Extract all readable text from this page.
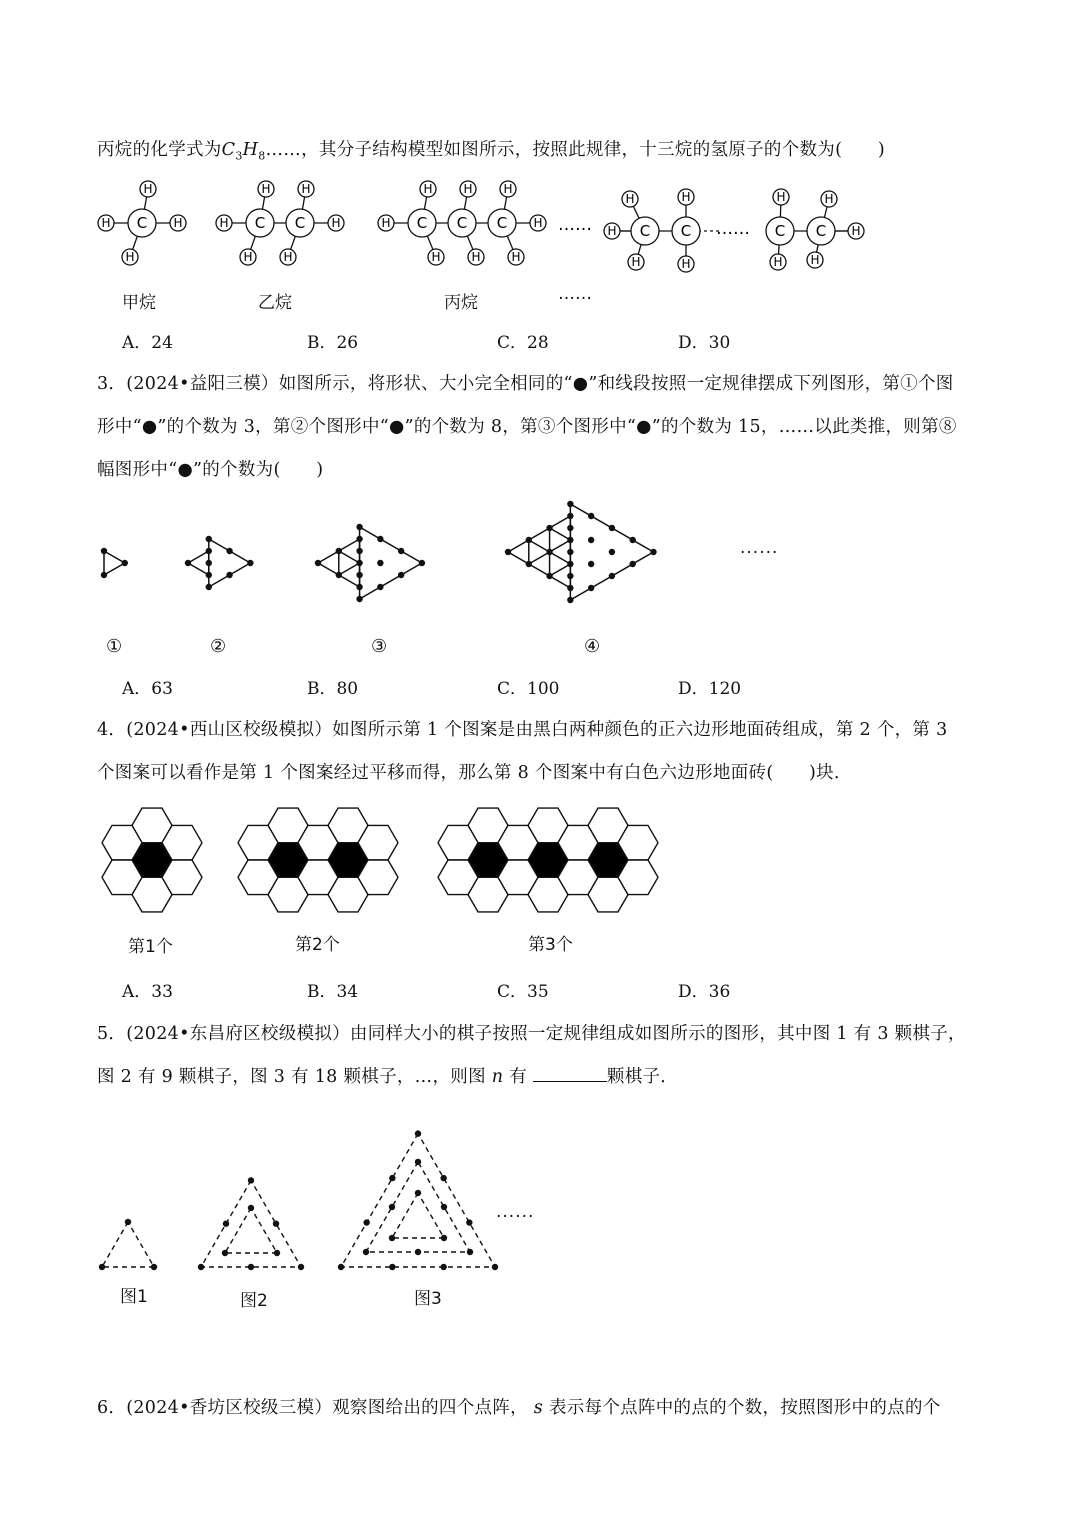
丙烷的化学式为$C_3H_8\dots\dots$，其分子结构模型如图所示，按照此规律，十三烷的氢原子的个数为(　　)
H	H
H
H
C	H	H
H
H
H
H
C C	H	H
H
H
H
H
H
H
C C C	…… H
H
H
H
H
C C ……
H
H
H
H
H
C C
甲烷	乙烷	丙烷	……
A．24	B．26	C．28	D．30
3．(2024•益阳三模）如图所示，将形状、大小完全相同的“●”和线段按照一定规律摆成下列图形，第①个图
形中“●”的个数为 3，第②个图形中“●”的个数为 8，第③个图形中“●”的个数为 15，……以此类推，则第⑧
幅图形中“●”的个数为(　　)
......
①	②	③	④
A．63	B．80	C．100	D．120
4．(2024•西山区校级模拟）如图所示第 1 个图案是由黑白两种颜色的正六边形地面砖组成，第 2 个，第 3
个图案可以看作是第 1 个图案经过平移而得，那么第 8 个图案中有白色六边形地面砖(　　)块．
第1个	第2个	第3个
A．33	B．34	C．35	D．36
5．(2024•东昌府区校级模拟）由同样大小的棋子按照一定规律组成如图所示的图形，其中图 1 有 3 颗棋子，
图 2 有 9 颗棋子，图 3 有 18 颗棋子，…，则图 n 有	颗棋子．
......
图1	图2	图3
6．(2024•香坊区校级三模）观察图给出的四个点阵， s 表示每个点阵中的点的个数，按照图形中的点的个
